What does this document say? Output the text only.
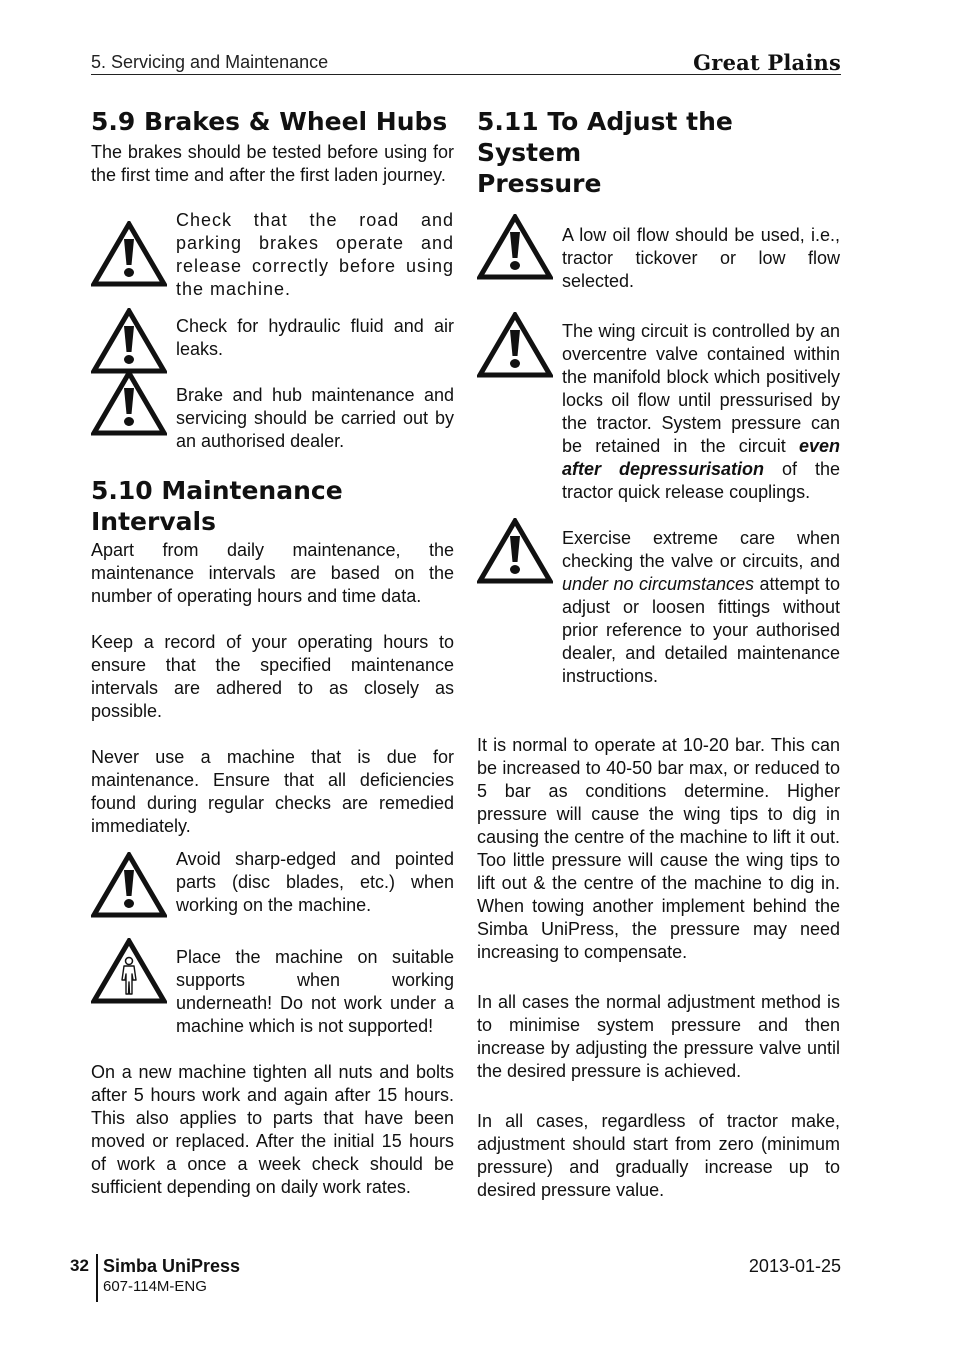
5. Servicing and Maintenance	Great Plains
5.9 Brakes & Wheel Hubs

The brakes should be tested before using for the first time and after the first laden journey.

Check that the road and parking brakes operate and release correctly before using the machine.

Check for hydraulic fluid and air leaks.

Brake and hub maintenance and servicing should be carried out by an authorised dealer.

5.10 Maintenance
Intervals

Apart from daily maintenance, the maintenance intervals are based on the number of operating hours and time data.

Keep a record of your operating hours to ensure that the specified maintenance intervals are adhered to as closely as possible.

Never use a machine that is due for maintenance. Ensure that all deficiencies found during regular checks are remedied immediately.

Avoid sharp-edged and pointed parts (disc blades, etc.) when working on the machine.

Place the machine on suitable supports when working underneath! Do not work under a machine which is not supported!

On a new machine tighten all nuts and bolts after 5 hours work and again after 15 hours. This also applies to parts that have been moved or replaced. After the initial 15 hours of work a once a week check should be sufficient depending on daily work rates.

5.11 To Adjust the System
Pressure

A low oil flow should be used, i.e., tractor tickover or low flow selected.

The wing circuit is controlled by an overcentre valve contained within the manifold block which positively locks oil flow until pressurised by the tractor. System pressure can be retained in the circuit even after depressurisation of the tractor quick release couplings.

Exercise extreme care when checking the valve or circuits, and under no circumstances attempt to adjust or loosen fittings without prior reference to your authorised dealer, and detailed maintenance instructions.

It is normal to operate at 10-20 bar. This can be increased to 40-50 bar max, or reduced to 5 bar as conditions determine. Higher pressure will cause the wing tips to dig in causing the centre of the machine to lift it out. Too little pressure will cause the wing tips to lift out & the centre of the machine to dig in. When towing another implement behind the Simba UniPress, the pressure may need increasing to compensate.

In all cases the normal adjustment method is to minimise system pressure and then increase by adjusting the pressure valve until the desired pressure is achieved.

In all cases, regardless of tractor make, adjustment should start from zero (minimum pressure) and gradually increase up to desired pressure value.

32 Simba UniPress
607-114M-ENG
2013-01-25
